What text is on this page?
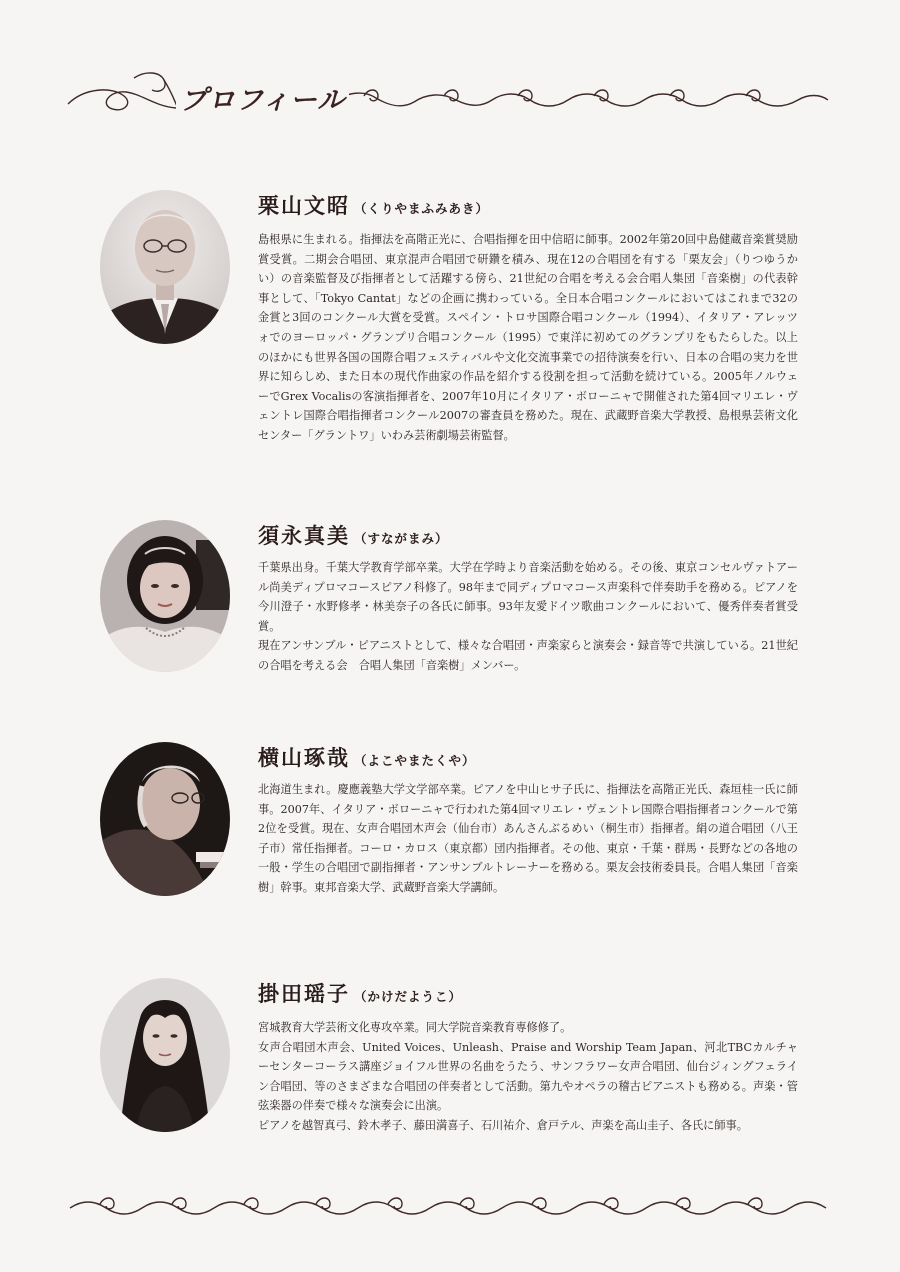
プロフィール
栗山文昭 （くりやまふみあき）

島根県に生まれる。指揮法を高階正光に、合唱指揮を田中信昭に師事。2002年第20回中島健蔵音楽賞奨励賞受賞。二期会合唱団、東京混声合唱団で研鑽を積み、現在12の合唱団を有する「栗友会」（りつゆうかい）の音楽監督及び指揮者として活躍する傍ら、21世紀の合唱を考える会合唱人集団「音楽樹」の代表幹事として、「Tokyo Cantat」などの企画に携わっている。全日本合唱コンクールにおいてはこれまで32の金賞と3回のコンクール大賞を受賞。スペイン・トロサ国際合唱コンクール（1994）、イタリア・アレッツォでのヨーロッパ・グランプリ合唱コンクール（1995）で東洋に初めてのグランプリをもたらした。以上のほかにも世界各国の国際合唱フェスティバルや文化交流事業での招待演奏を行い、日本の合唱の実力を世界に知らしめ、また日本の現代作曲家の作品を紹介する役割を担って活動を続けている。2005年ノルウェーでGrex Vocalisの客演指揮者を、2007年10月にイタリア・ボローニャで開催された第4回マリエレ・ヴェントレ国際合唱指揮者コンクール2007の審査員を務めた。現在、武蔵野音楽大学教授、島根県芸術文化センター「グラントワ」いわみ芸術劇場芸術監督。

須永真美 （すながまみ）

千葉県出身。千葉大学教育学部卒業。大学在学時より音楽活動を始める。その後、東京コンセルヴァトアール尚美ディプロマコースピアノ科修了。98年まで同ディプロマコース声楽科で伴奏助手を務める。ピアノを今川澄子・水野修孝・林美奈子の各氏に師事。93年友愛ドイツ歌曲コンクールにおいて、優秀伴奏者賞受賞。

現在アンサンブル・ピアニストとして、様々な合唱団・声楽家らと演奏会・録音等で共演している。21世紀の合唱を考える会　合唱人集団「音楽樹」メンバー。

横山琢哉 （よこやまたくや）

北海道生まれ。慶應義塾大学文学部卒業。ピアノを中山ヒサ子氏に、指揮法を高階正光氏、森垣桂一氏に師事。2007年、イタリア・ボローニャで行われた第4回マリエレ・ヴェントレ国際合唱指揮者コンクールで第2位を受賞。現在、女声合唱団木声会（仙台市）あんさんぶるめい（桐生市）指揮者。絹の道合唱団（八王子市）常任指揮者。コーロ・カロス（東京都）団内指揮者。その他、東京・千葉・群馬・長野などの各地の一般・学生の合唱団で副指揮者・アンサンブルトレーナーを務める。栗友会技術委員長。合唱人集団「音楽樹」幹事。東邦音楽大学、武蔵野音楽大学講師。

掛田瑶子 （かけだようこ）

宮城教育大学芸術文化専攻卒業。同大学院音楽教育専修修了。

女声合唱団木声会、United Voices、Unleash、Praise and Worship Team Japan、河北TBCカルチャーセンターコーラス講座ジョイフル世界の名曲をうたう、サンフラワー女声合唱団、仙台ジィングフェライン合唱団、等のさまざまな合唱団の伴奏者として活動。第九やオペラの稽古ピアニストも務める。声楽・管弦楽器の伴奏で様々な演奏会に出演。

ピアノを越智真弓、鈴木孝子、藤田満喜子、石川祐介、倉戸テル、声楽を高山圭子、各氏に師事。
